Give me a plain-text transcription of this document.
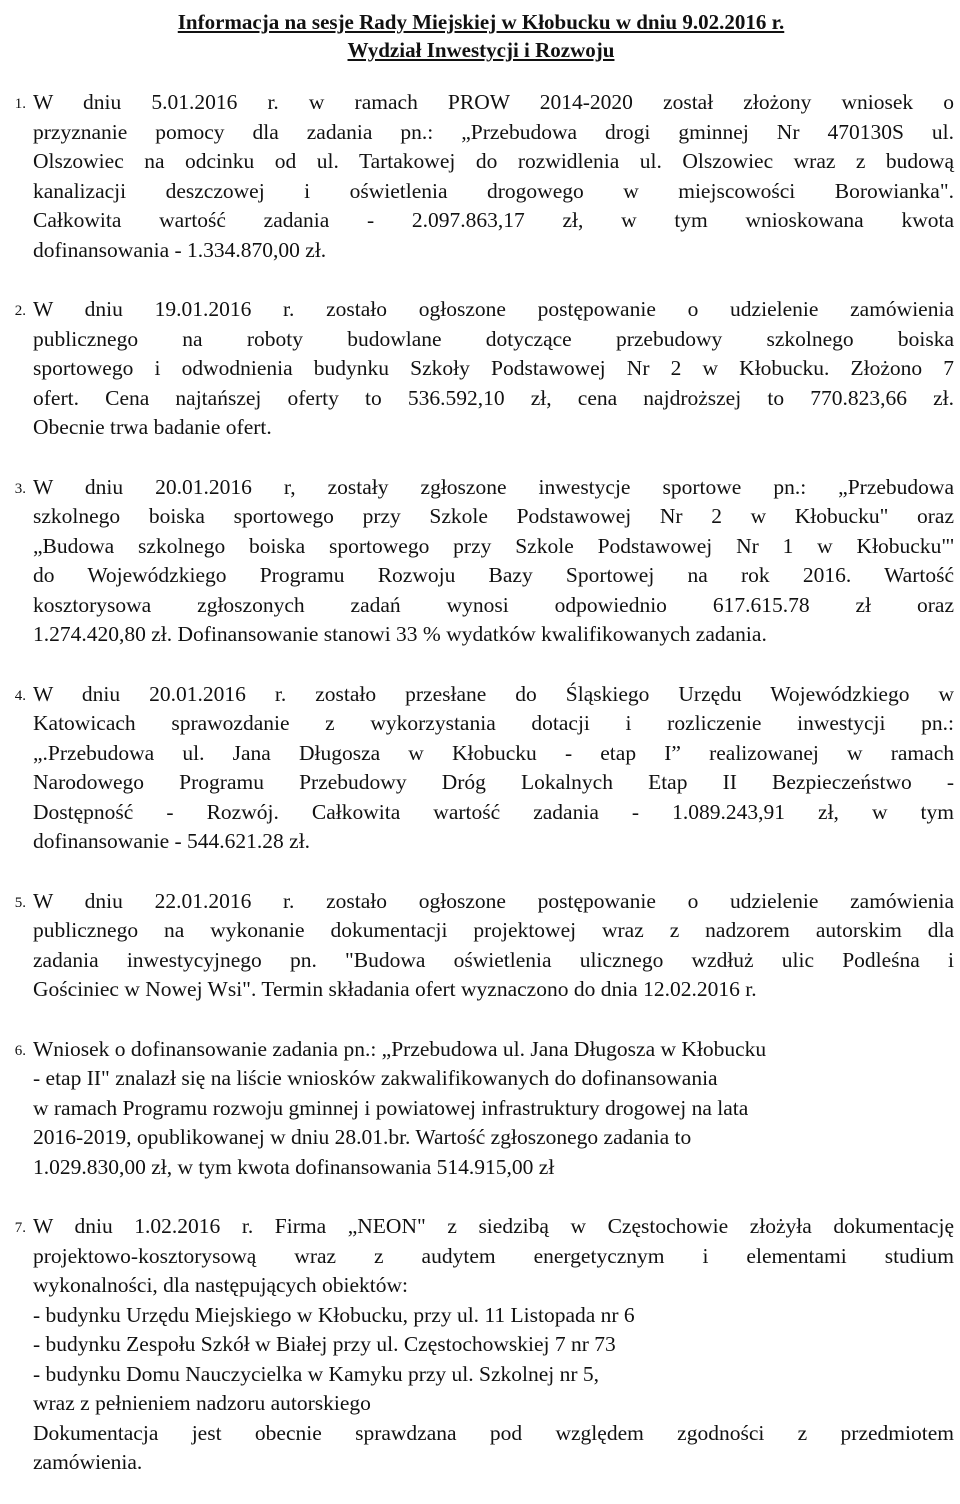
Informacja na sesje Rady Miejskiej w Kłobucku w dniu 9.02.2016 r.
Wydział Inwestycji i Rozwoju
1. W dniu 5.01.2016 r. w ramach PROW 2014-2020 został złożony wniosek o
przyznanie pomocy dla zadania pn.: „Przebudowa drogi gminnej Nr 470130S ul.
Olszowiec na odcinku od ul. Tartakowej do rozwidlenia ul. Olszowiec wraz z budową
kanalizacji deszczowej i oświetlenia drogowego w miejscowości Borowianka".
Całkowita wartość zadania - 2.097.863,17 zł, w tym wnioskowana kwota
dofinansowania - 1.334.870,00 zł.
2. W dniu 19.01.2016 r. zostało ogłoszone postępowanie o udzielenie zamówienia
publicznego na roboty budowlane dotyczące przebudowy szkolnego boiska
sportowego i odwodnienia budynku Szkoły Podstawowej Nr 2 w Kłobucku. Złożono 7
ofert. Cena najtańszej oferty to 536.592,10 zł, cena najdroższej to 770.823,66 zł.
Obecnie trwa badanie ofert.
3. W dniu 20.01.2016 r, zostały zgłoszone inwestycje sportowe pn.: „Przebudowa
szkolnego boiska sportowego przy Szkole Podstawowej Nr 2 w Kłobucku" oraz
„Budowa szkolnego boiska sportowego przy Szkole Podstawowej Nr 1 w Kłobucku"'
do Wojewódzkiego Programu Rozwoju Bazy Sportowej na rok 2016. Wartość
kosztorysowa zgłoszonych zadań wynosi odpowiednio 617.615.78 zł oraz
1.274.420,80 zł. Dofinansowanie stanowi 33 % wydatków kwalifikowanych zadania.
4. W dniu 20.01.2016 r. zostało przesłane do Śląskiego Urzędu Wojewódzkiego w
Katowicach sprawozdanie z wykorzystania dotacji i rozliczenie inwestycji pn.:
„.Przebudowa ul. Jana Długosza w Kłobucku - etap I” realizowanej w ramach
Narodowego Programu Przebudowy Dróg Lokalnych Etap II Bezpieczeństwo -
Dostępność - Rozwój. Całkowita wartość zadania - 1.089.243,91 zł, w tym
dofinansowanie - 544.621.28 zł.
5. W dniu 22.01.2016 r. zostało ogłoszone postępowanie o udzielenie zamówienia
publicznego na wykonanie dokumentacji projektowej wraz z nadzorem autorskim dla
zadania inwestycyjnego pn. "Budowa oświetlenia ulicznego wzdłuż ulic Podleśna i
Gościniec w Nowej Wsi". Termin składania ofert wyznaczono do dnia 12.02.2016 r.
6. Wniosek o dofinansowanie zadania pn.: „Przebudowa ul. Jana Długosza w Kłobucku
- etap II" znalazł się na liście wniosków zakwalifikowanych do dofinansowania
w ramach Programu rozwoju gminnej i powiatowej infrastruktury drogowej na lata
2016-2019, opublikowanej w dniu 28.01.br. Wartość zgłoszonego zadania to
1.029.830,00 zł, w tym kwota dofinansowania 514.915,00 zł
7. W dniu 1.02.2016 r. Firma „NEON" z siedzibą w Częstochowie złożyła dokumentację
projektowo-kosztorysową wraz z audytem energetycznym i elementami studium
wykonalności, dla następujących obiektów:
- budynku Urzędu Miejskiego w Kłobucku, przy ul. 11 Listopada nr 6
- budynku Zespołu Szkół w Białej przy ul. Częstochowskiej 7 nr 73
- budynku Domu Nauczycielka w Kamyku przy ul. Szkolnej nr 5,
wraz z pełnieniem nadzoru autorskiego
Dokumentacja jest obecnie sprawdzana pod względem zgodności z przedmiotem
zamówienia.
